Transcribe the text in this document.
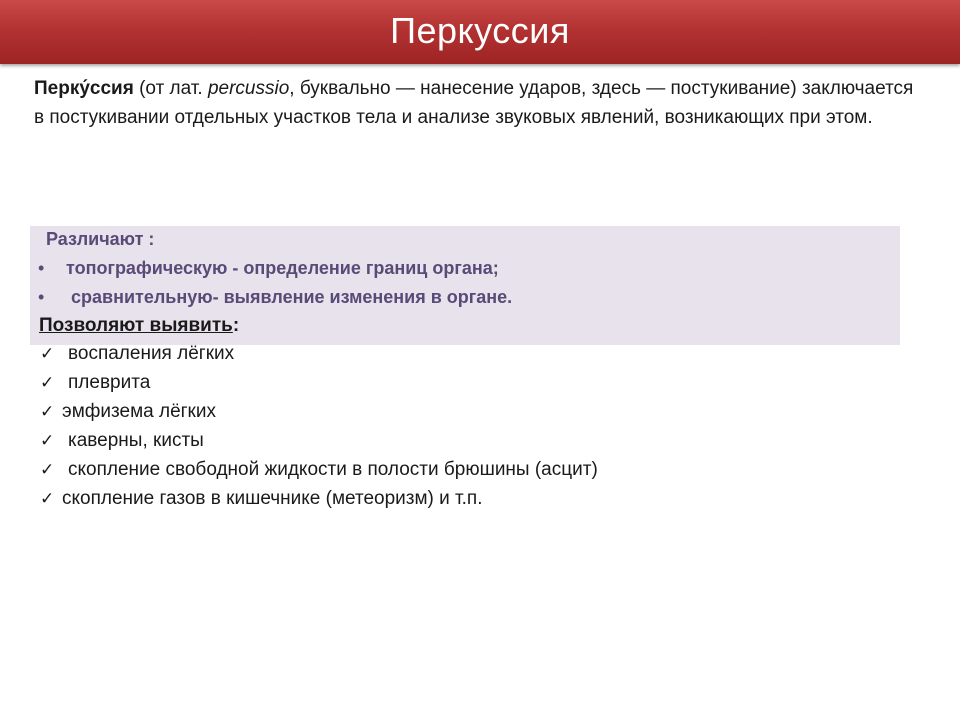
Перкуссия
Перку́ссия (от лат. percussio, буквально — нанесение ударов, здесь — постукивание) заключается в постукивании отдельных участков тела и анализе звуковых явлений, возникающих при этом.
Различают :
• топографическую - определение границ органа;
• сравнительную- выявление изменения в органе.
Позволяют выявить:
✓ воспаления лёгких
✓ плеврита
✓ эмфизема лёгких
✓ каверны, кисты
✓ скопление свободной жидкости в полости брюшины (асцит)
✓ скопление газов в кишечнике (метеоризм) и т.п.
